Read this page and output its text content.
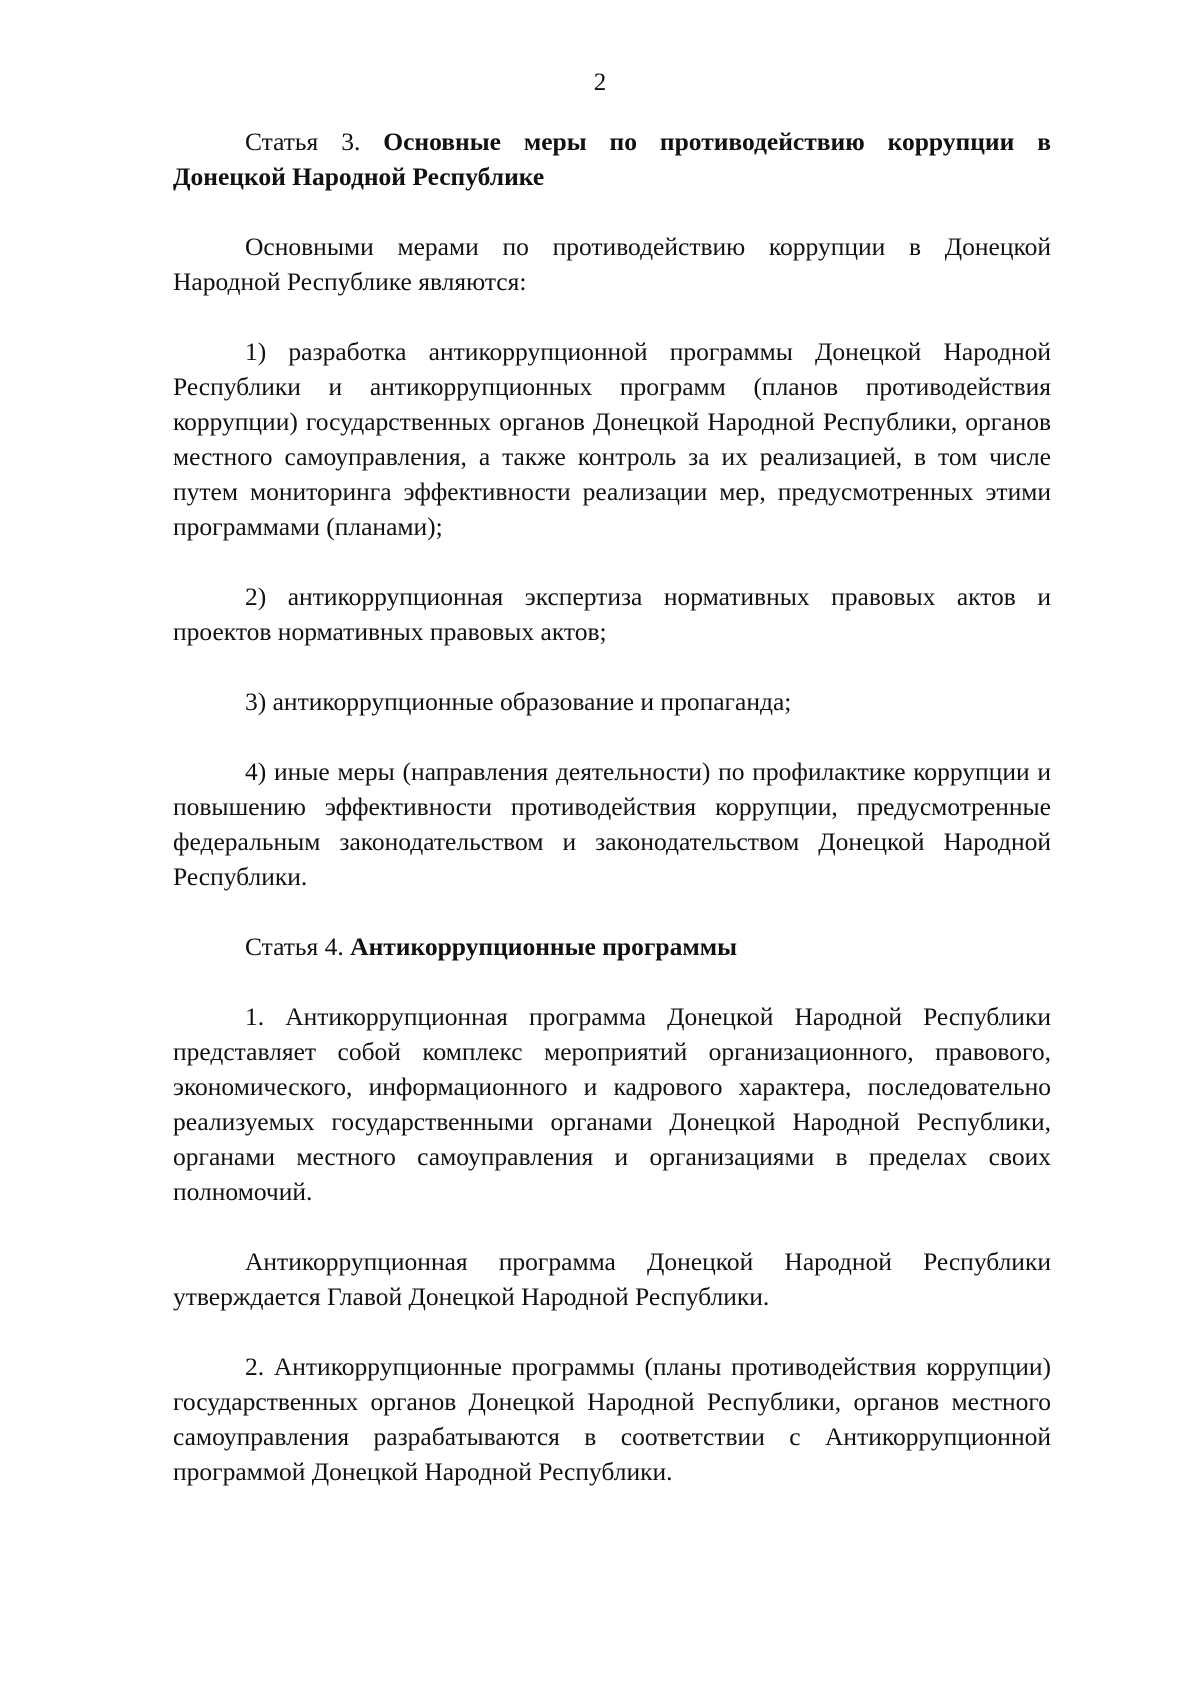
2

Статья 3. Основные меры по противодействию коррупции в Донецкой Народной Республике

Основными мерами по противодействию коррупции в Донецкой Народной Республике являются:

1) разработка антикоррупционной программы Донецкой Народной Республики и антикоррупционных программ (планов противодействия коррупции) государственных органов Донецкой Народной Республики, органов местного самоуправления, а также контроль за их реализацией, в том числе путем мониторинга эффективности реализации мер, предусмотренных этими программами (планами);

2) антикоррупционная экспертиза нормативных правовых актов и проектов нормативных правовых актов;

3) антикоррупционные образование и пропаганда;

4) иные меры (направления деятельности) по профилактике коррупции и повышению эффективности противодействия коррупции, предусмотренные федеральным законодательством и законодательством Донецкой Народной Республики.

Статья 4. Антикоррупционные программы

1. Антикоррупционная программа Донецкой Народной Республики представляет собой комплекс мероприятий организационного, правового, экономического, информационного и кадрового характера, последовательно реализуемых государственными органами Донецкой Народной Республики, органами местного самоуправления и организациями в пределах своих полномочий.

Антикоррупционная программа Донецкой Народной Республики утверждается Главой Донецкой Народной Республики.

2. Антикоррупционные программы (планы противодействия коррупции) государственных органов Донецкой Народной Республики, органов местного самоуправления разрабатываются в соответствии с Антикоррупционной программой Донецкой Народной Республики.
